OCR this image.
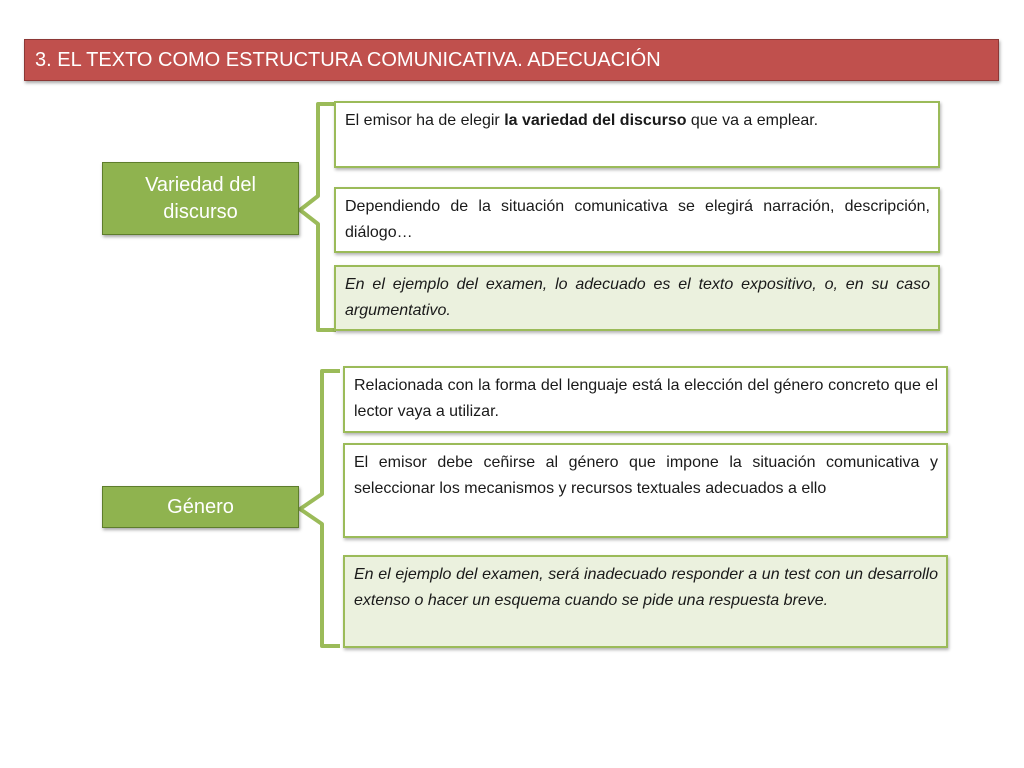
3. EL TEXTO COMO ESTRUCTURA COMUNICATIVA. ADECUACIÓN
Variedad del
discurso
El emisor ha de elegir la variedad del discurso que va a emplear.
Dependiendo de la situación comunicativa se elegirá narración, descripción, diálogo…
En el ejemplo del examen, lo adecuado es el texto expositivo, o, en su caso argumentativo.
Género
Relacionada con la forma del lenguaje está la elección del género concreto que el lector vaya a utilizar.
El emisor debe ceñirse al género que impone la situación comunicativa y seleccionar los mecanismos y recursos textuales adecuados a ello
En el ejemplo del examen, será inadecuado responder a un test con un desarrollo extenso o hacer un esquema cuando se pide una respuesta breve.
